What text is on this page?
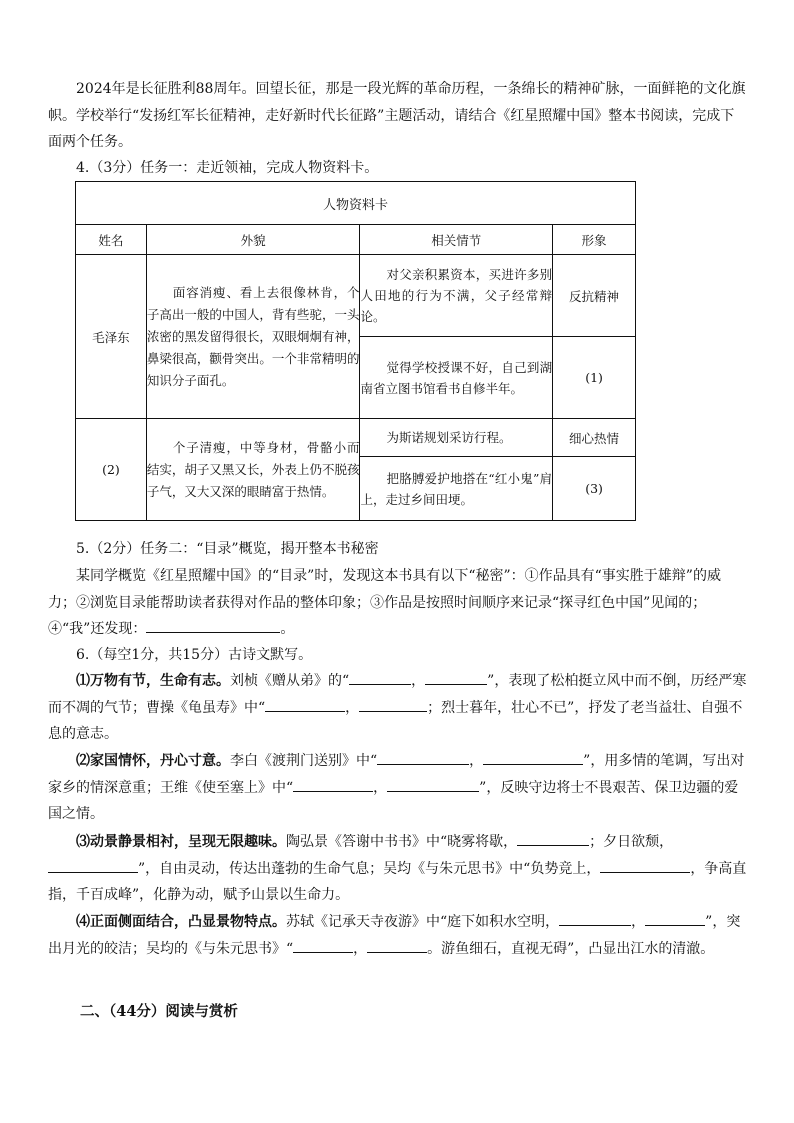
2024年是长征胜利88周年。回望长征，那是一段光辉的革命历程，一条绵长的精神矿脉，一面鲜艳的文化旗帜。学校举行“发扬红军长征精神，走好新时代长征路”主题活动，请结合《红星照耀中国》整本书阅读，完成下面两个任务。

4.（3分）任务一：走近领袖，完成人物资料卡。

人物资料卡			
姓名	外貌	相关情节	形象
毛泽东	面容消瘦、看上去很像林肯，个子高出一般的中国人，背有些驼，一头浓密的黑发留得很长，双眼炯炯有神，鼻梁很高，颧骨突出。一个非常精明的知识分子面孔。	对父亲积累资本，买进许多别人田地的行为不满，父子经常辩论。	反抗精神
		觉得学校授课不好，自己到湖南省立图书馆看书自修半年。	(1)
(2)	个子清瘦，中等身材，骨骼小而结实，胡子又黑又长，外表上仍不脱孩子气，又大又深的眼睛富于热情。	为斯诺规划采访行程。	细心热情
		把胳膊爱护地搭在“红小鬼”肩上，走过乡间田埂。	(3)

5.（2分）任务二：“目录”概览，揭开整本书秘密

某同学概览《红星照耀中国》的“目录”时，发现这本书具有以下“秘密”：①作品具有“事实胜于雄辩”的威力；②浏览目录能帮助读者获得对作品的整体印象；③作品是按照时间顺序来记录“探寻红色中国”见闻的；④“我”还发现：	。

6.（每空1分，共15分）古诗文默写。

⑴万物有节，生命有志。刘桢《赠从弟》的“	，	”，表现了松柏挺立风中而不倒，历经严寒而不凋的气节；曹操《龟虽寿》中“	，	；烈士暮年，壮心不已”，抒发了老当益壮、自强不息的意志。

⑵家国情怀，丹心寸意。李白《渡荆门送别》中“	，	”，用多情的笔调，写出对家乡的情深意重；王维《使至塞上》中“	，	”，反映守边将士不畏艰苦、保卫边疆的爱国之情。

⑶动景静景相衬，呈现无限趣味。陶弘景《答谢中书书》中“晓雾将歇，	；夕日欲颓，”，自由灵动，传达出蓬勃的生命气息；吴均《与朱元思书》中“负势竞上，	，争高直指，千百成峰”，化静为动，赋予山景以生命力。

⑷正面侧面结合，凸显景物特点。苏轼《记承天寺夜游》中“庭下如积水空明，	，	”，突出月光的皎洁；吴均的《与朱元思书》“	，	。游鱼细石，直视无碍”，凸显出江水的清澈。

二、（44分）阅读与赏析
